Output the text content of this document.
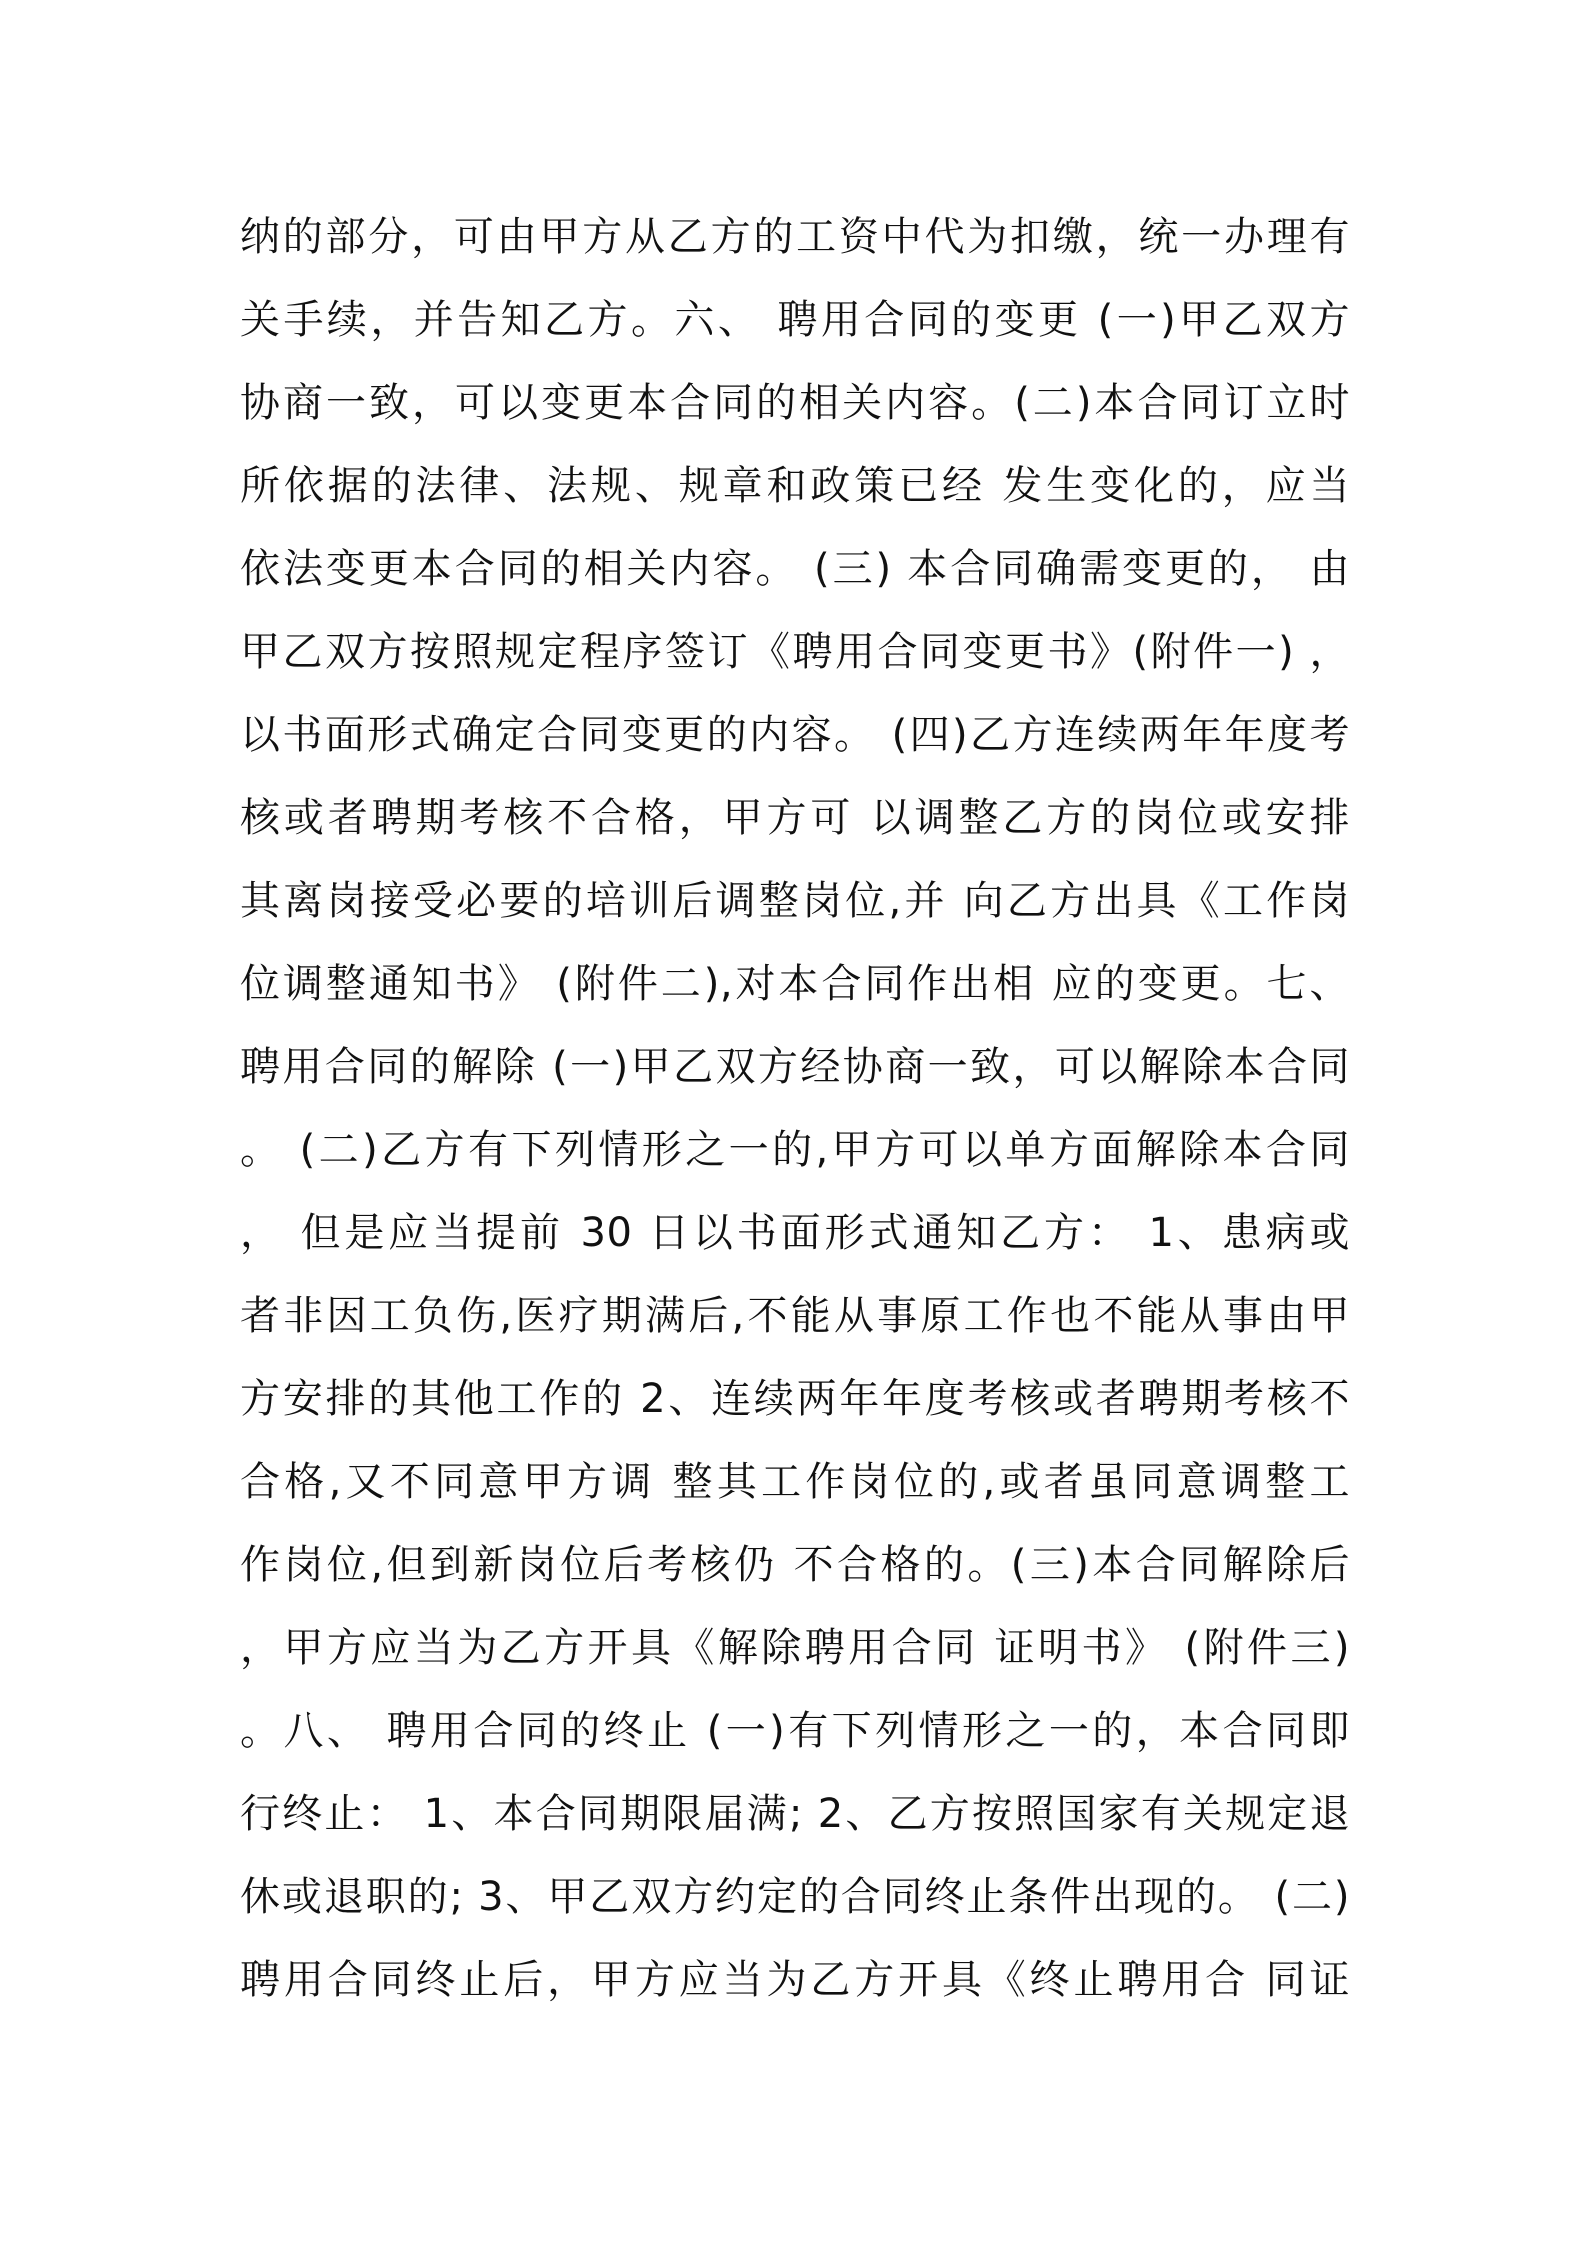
纳的部分，可由甲方从乙方的工资中代为扣缴，统一办理有
关手续，并告知乙方。六、 聘用合同的变更 (一)甲乙双方
协商一致，可以变更本合同的相关内容。(二)本合同订立时
所依据的法律、法规、规章和政策已经 发生变化的，应当
依法变更本合同的相关内容。 (三) 本合同确需变更的， 由
甲乙双方按照规定程序签订《聘用合同变更书》(附件一) ，
以书面形式确定合同变更的内容。 (四)乙方连续两年年度考
核或者聘期考核不合格，甲方可 以调整乙方的岗位或安排
其离岗接受必要的培训后调整岗位,并 向乙方出具《工作岗
位调整通知书》 (附件二),对本合同作出相 应的变更。七、
聘用合同的解除 (一)甲乙双方经协商一致，可以解除本合同
。 (二)乙方有下列情形之一的,甲方可以单方面解除本合同
， 但是应当提前 30 日以书面形式通知乙方： 1、患病或
者非因工负伤,医疗期满后,不能从事原工作也不能从事由甲
方安排的其他工作的 2、连续两年年度考核或者聘期考核不
合格,又不同意甲方调 整其工作岗位的,或者虽同意调整工
作岗位,但到新岗位后考核仍 不合格的。(三)本合同解除后
，甲方应当为乙方开具《解除聘用合同 证明书》 (附件三)
。八、 聘用合同的终止 (一)有下列情形之一的，本合同即
行终止： 1、本合同期限届满; 2、乙方按照国家有关规定退
休或退职的; 3、甲乙双方约定的合同终止条件出现的。 (二)
聘用合同终止后，甲方应当为乙方开具《终止聘用合 同证
